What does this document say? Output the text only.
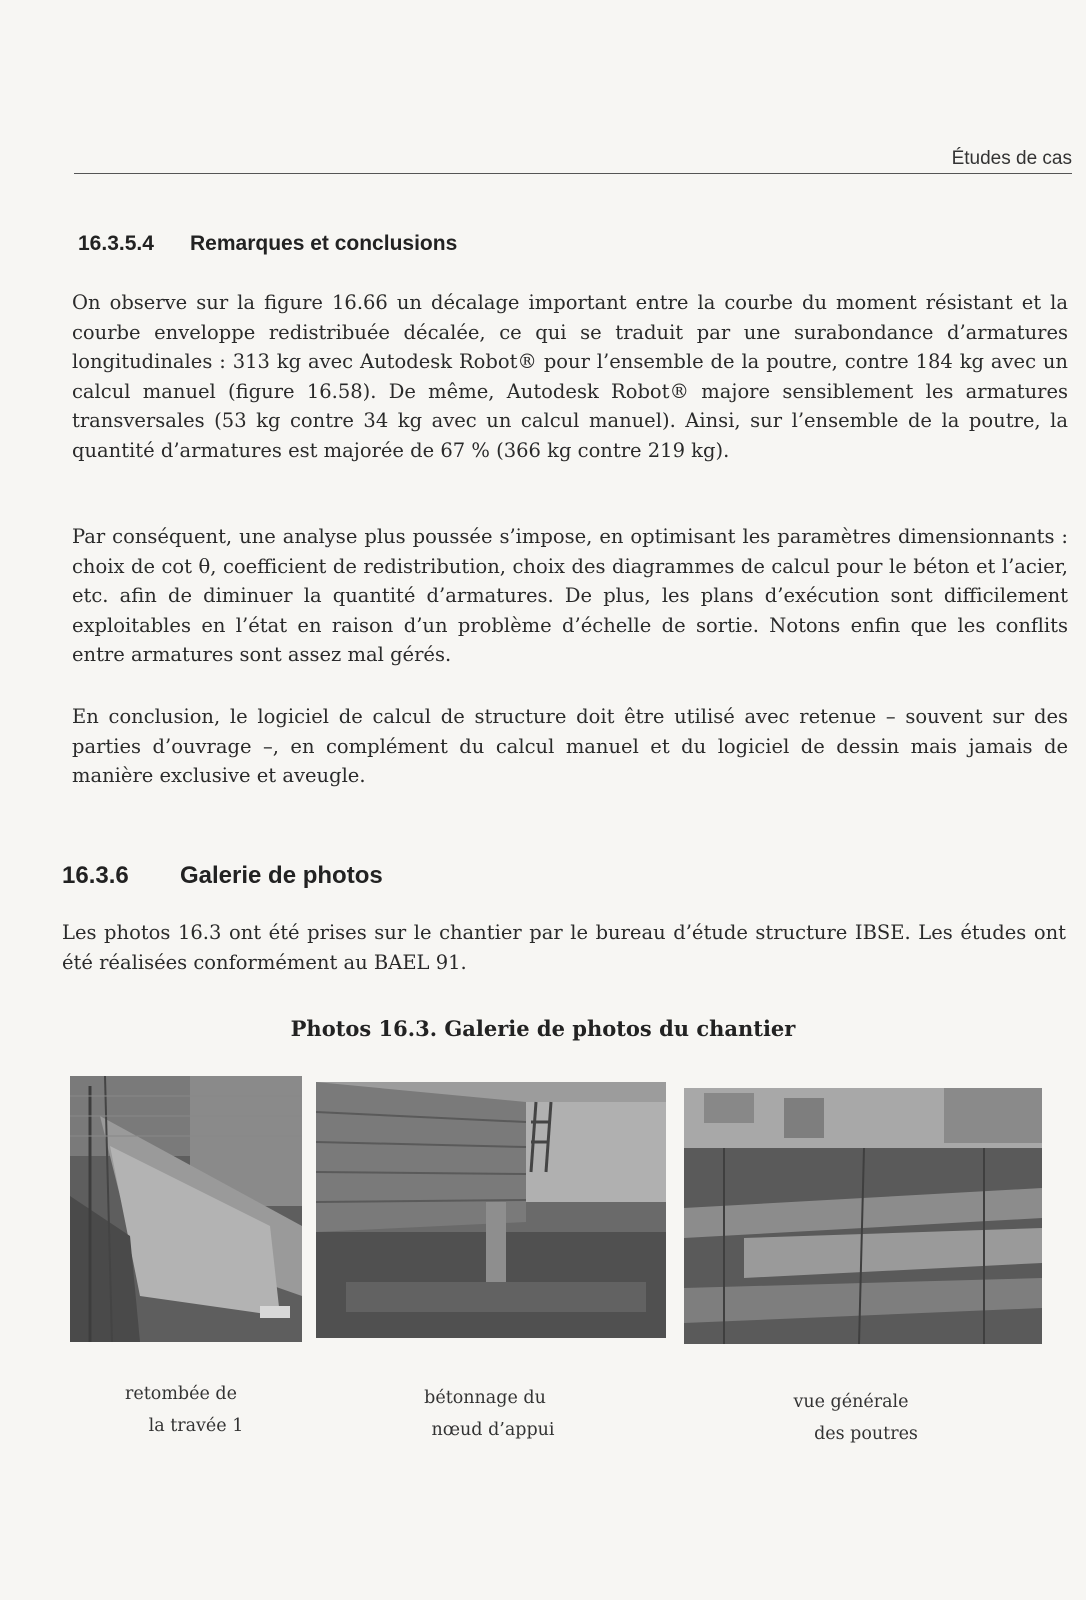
Études de cas
16.3.5.4 Remarques et conclusions

On observe sur la figure 16.66 un décalage important entre la courbe du moment résistant et la courbe enveloppe redistribuée décalée, ce qui se traduit par une surabondance d’armatures longitudinales : 313 kg avec Autodesk Robot® pour l’ensemble de la poutre, contre 184 kg avec un calcul manuel (figure 16.58). De même, Autodesk Robot® majore sensiblement les armatures transversales (53 kg contre 34 kg avec un calcul manuel). Ainsi, sur l’ensemble de la poutre, la quantité d’armatures est majorée de 67 % (366 kg contre 219 kg).

Par conséquent, une analyse plus poussée s’impose, en optimisant les paramètres dimensionnants : choix de cot θ, coefficient de redistribution, choix des diagrammes de calcul pour le béton et l’acier, etc. afin de diminuer la quantité d’armatures. De plus, les plans d’exécution sont difficilement exploitables en l’état en raison d’un problème d’échelle de sortie. Notons enfin que les conflits entre armatures sont assez mal gérés.

En conclusion, le logiciel de calcul de structure doit être utilisé avec retenue – souvent sur des parties d’ouvrage –, en complément du calcul manuel et du logiciel de dessin mais jamais de manière exclusive et aveugle.

16.3.6 Galerie de photos

Les photos 16.3 ont été prises sur le chantier par le bureau d’étude structure IBSE. Les études ont été réalisées conformément au BAEL 91.

Photos 16.3. Galerie de photos du chantier
retombée de
la travée 1
bétonnage du
nœud d’appui
vue générale
des poutres
